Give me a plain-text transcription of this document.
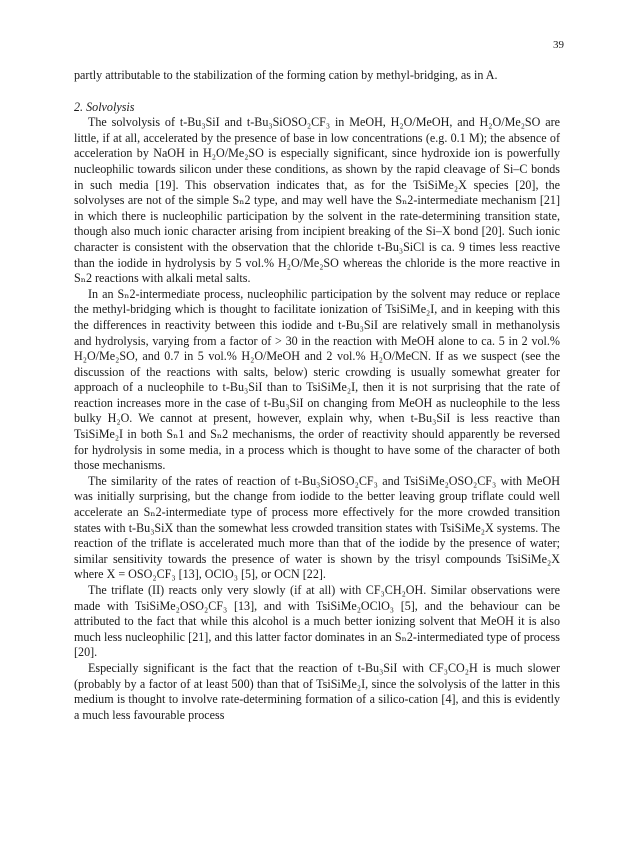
39

partly attributable to the stabilization of the forming cation by methyl-bridging, as in A.

2. Solvolysis

The solvolysis of t-Bu₃SiI and t-Bu₃SiOSO₂CF₃ in MeOH, H₂O/MeOH, and H₂O/Me₂SO are little, if at all, accelerated by the presence of base in low concentrations (e.g. 0.1 M); the absence of acceleration by NaOH in H₂O/Me₂SO is especially significant, since hydroxide ion is powerfully nucleophilic towards silicon under these conditions, as shown by the rapid cleavage of Si–C bonds in such media [19]. This observation indicates that, as for the TsiSiMe₂X species [20], the solvolyses are not of the simple Sₙ2 type, and may well have the Sₙ2-intermediate mechanism [21] in which there is nucleophilic participation by the solvent in the rate-determining transition state, though also much ionic character arising from incipient breaking of the Si–X bond [20]. Such ionic character is consistent with the observation that the chloride t-Bu₃SiCl is ca. 9 times less reactive than the iodide in hydrolysis by 5 vol.% H₂O/Me₂SO whereas the chloride is the more reactive in Sₙ2 reactions with alkali metal salts.

In an Sₙ2-intermediate process, nucleophilic participation by the solvent may reduce or replace the methyl-bridging which is thought to facilitate ionization of TsiSiMe₂I, and in keeping with this the differences in reactivity between this iodide and t-Bu₃SiI are relatively small in methanolysis and hydrolysis, varying from a factor of > 30 in the reaction with MeOH alone to ca. 5 in 2 vol.% H₂O/Me₂SO, and 0.7 in 5 vol.% H₂O/MeOH and 2 vol.% H₂O/MeCN. If as we suspect (see the discussion of the reactions with salts, below) steric crowding is usually somewhat greater for approach of a nucleophile to t-Bu₃SiI than to TsiSiMe₂I, then it is not surprising that the rate of reaction increases more in the case of t-Bu₃SiI on changing from MeOH as nucleophile to the less bulky H₂O. We cannot at present, however, explain why, when t-Bu₃SiI is less reactive than TsiSiMe₂I in both Sₙ1 and Sₙ2 mechanisms, the order of reactivity should apparently be reversed for hydrolysis in some media, in a process which is thought to have some of the character of both those mechanisms.

The similarity of the rates of reaction of t-Bu₃SiOSO₂CF₃ and TsiSiMe₂OSO₂CF₃ with MeOH was initially surprising, but the change from iodide to the better leaving group triflate could well accelerate an Sₙ2-intermediate type of process more effectively for the more crowded transition states with t-Bu₃SiX than the somewhat less crowded transition states with TsiSiMe₂X systems. The reaction of the triflate is accelerated much more than that of the iodide by the presence of water; similar sensitivity towards the presence of water is shown by the trisyl compounds TsiSiMe₂X where X = OSO₂CF₃ [13], OClO₃ [5], or OCN [22].

The triflate (II) reacts only very slowly (if at all) with CF₃CH₂OH. Similar observations were made with TsiSiMe₂OSO₂CF₃ [13], and with TsiSiMe₂OClO₃ [5], and the behaviour can be attributed to the fact that while this alcohol is a much better ionizing solvent that MeOH it is also much less nucleophilic [21], and this latter factor dominates in an Sₙ2-intermediated type of process [20].

Especially significant is the fact that the reaction of t-Bu₃SiI with CF₃CO₂H is much slower (probably by a factor of at least 500) than that of TsiSiMe₂I, since the solvolysis of the latter in this medium is thought to involve rate-determining formation of a silico-cation [4], and this is evidently a much less favourable process
